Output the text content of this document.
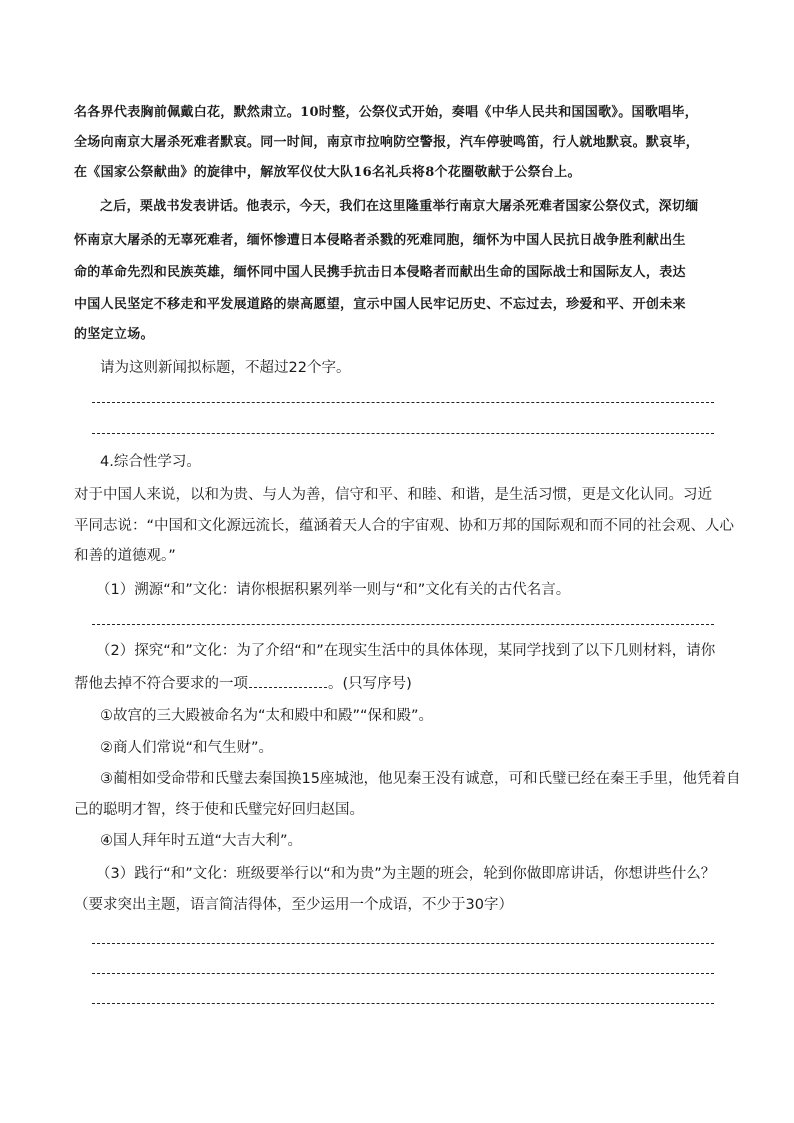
名各界代表胸前佩戴白花，默然肃立。10时整，公祭仪式开始，奏唱《中华人民共和国国歌》。国歌唱毕，
全场向南京大屠杀死难者默哀。同一时间，南京市拉响防空警报，汽车停驶鸣笛，行人就地默哀。默哀毕，
在《国家公祭献曲》的旋律中，解放军仪仗大队16名礼兵将8个花圈敬献于公祭台上。
之后，栗战书发表讲话。他表示，今天，我们在这里隆重举行南京大屠杀死难者国家公祭仪式，深切缅
怀南京大屠杀的无辜死难者，缅怀惨遭日本侵略者杀戮的死难同胞，缅怀为中国人民抗日战争胜利献出生
命的革命先烈和民族英雄，缅怀同中国人民携手抗击日本侵略者而献出生命的国际战士和国际友人，表达
中国人民坚定不移走和平发展道路的崇高愿望，宣示中国人民牢记历史、不忘过去，珍爱和平、开创未来
的坚定立场。
请为这则新闻拟标题，不超过22个字。
4.综合性学习。
对于中国人来说，以和为贵、与人为善，信守和平、和睦、和谐，是生活习惯，更是文化认同。习近
平同志说：“中国和文化源远流长，蕴涵着天人合的宇宙观、协和万邦的国际观和而不同的社会观、人心
和善的道德观。”
（1）溯源“和”文化：请你根据积累列举一则与“和”文化有关的古代名言。
（2）探究“和”文化：为了介绍“和”在现实生活中的具体体现，某同学找到了以下几则材料，请你
帮他去掉不符合要求的一项	。(只写序号)
①故宫的三大殿被命名为“太和殿中和殿”“保和殿”。
②商人们常说“和气生财”。
③蔺相如受命带和氏璧去秦国换15座城池，他见秦王没有诚意，可和氏璧已经在秦王手里，他凭着自
己的聪明才智，终于使和氏璧完好回归赵国。
④国人拜年时五道“大吉大利”。
（3）践行“和”文化：班级要举行以“和为贵”为主题的班会，轮到你做即席讲话，你想讲些什么？
（要求突出主题，语言简洁得体，至少运用一个成语，不少于30字）
